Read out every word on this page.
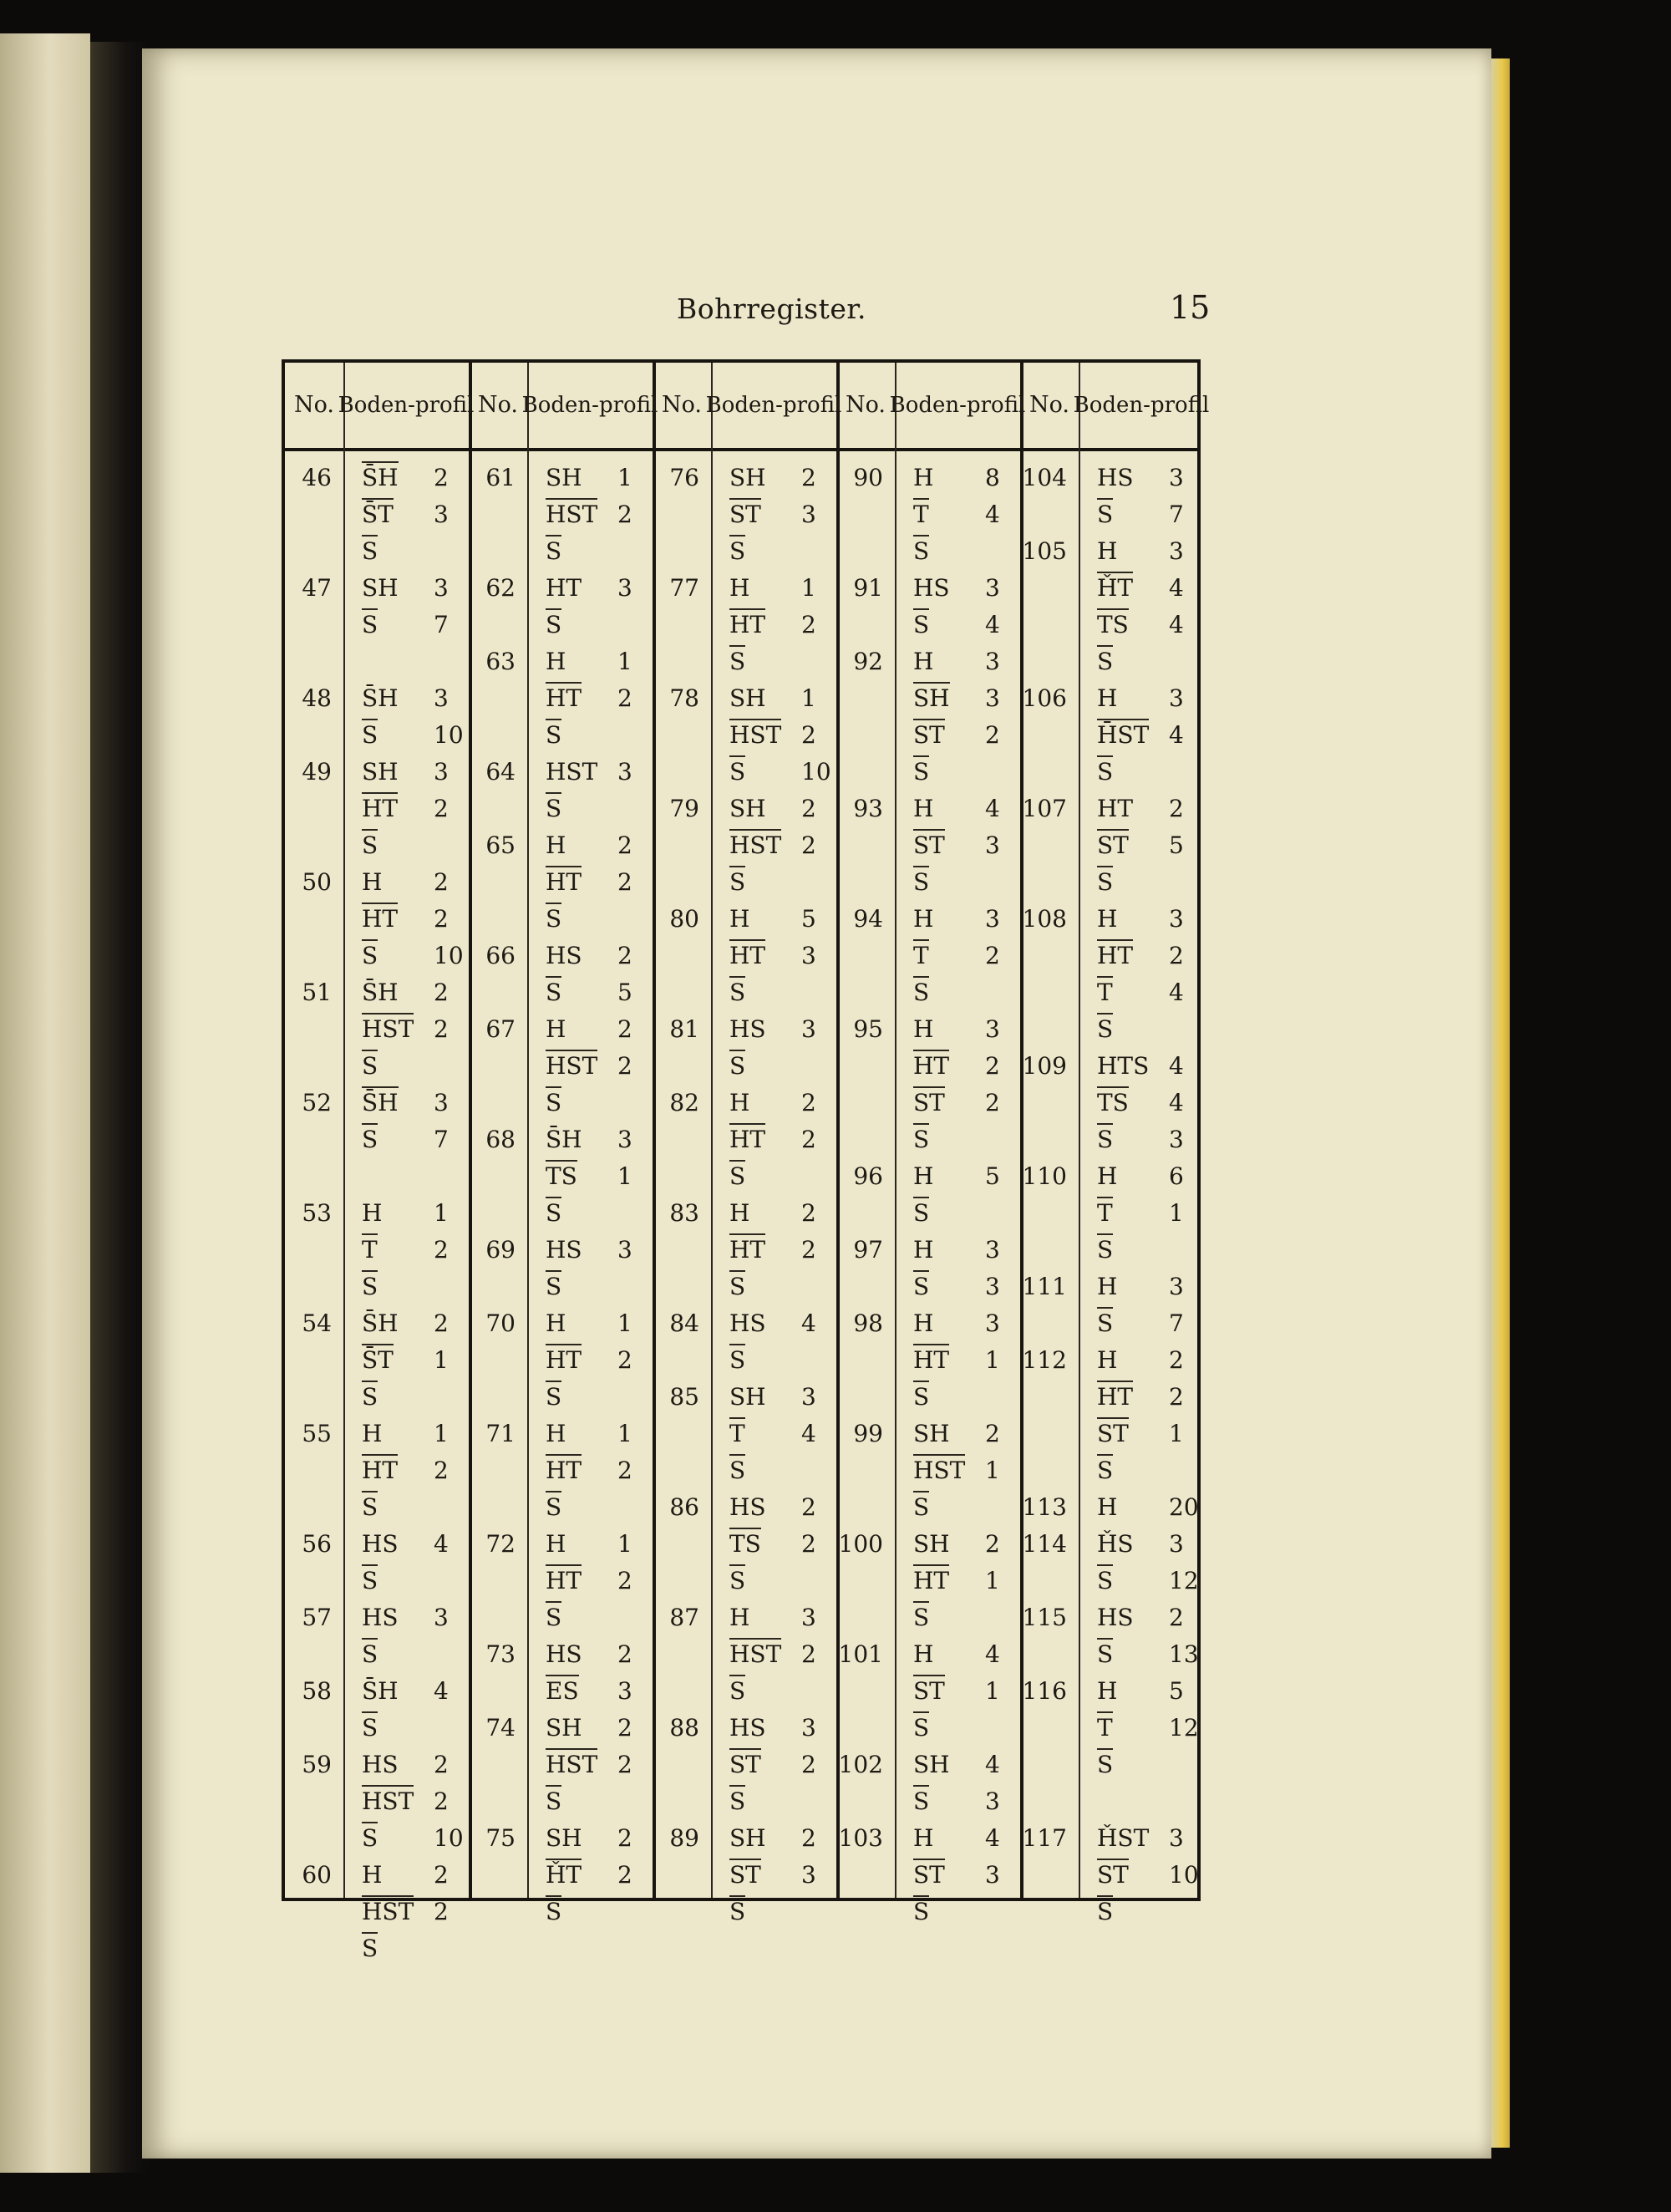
Bohrregister.	15
No. Boden- profil No. Boden- profil No. Boden- profil No. Boden- profil No. Boden- profil
46 S̄H 2
S̄T 3
S
47 SH 3
S 7
48 S̄H 3
S 10
49 SH 3
HT 2
S
50 H 2
HT 2
S 10
51 S̄H 2
HST 2
S
52 S̄H 3
S 7
53 H 1
T 2
S
54 S̄H 2
S̄T 1
S
55 H 1
HT 2
S
56 HS 4
S
57 HS 3
S
58 S̄H 4
S
59 HS 2
HST 2
S 10
60 H 2
HST 2
S
61 SH 1
HST 2
S
62 HT 3
S
63 H 1
HT 2
S
64 HST 3
S
65 H 2
HT 2
S
66 HS 2
S 5
67 H 2
HST 2
S
68 S̄H 3
TS 1
S
69 HS 3
S
70 H 1
HT 2
S
71 H 1
HT 2
S
72 H 1
HT 2
S
73 HS 2
ES 3
74 SH 2
HST 2
S
75 SH 2
ȞT 2
S
76 SH 2
ST 3
S
77 H 1
HT 2
S
78 SH 1
HST 2
S 10
79 SH 2
HST 2
S
80 H 5
HT 3
S
81 HS 3
S
82 H 2
HT 2
S
83 H 2
HT 2
S
84 HS 4
S
85 SH 3
T 4
S
86 HS 2
TS 2
S
87 H 3
HST 2
S
88 HS 3
ST 2
S
89 SH 2
ST 3
S
90 H 8
T 4
S
91 HS 3
S 4
92 H 3
SH 3
ST 2
S
93 H 4
ST 3
S
94 H 3
T 2
S
95 H 3
HT 2
ST 2
S
96 H 5
S
97 H 3
S 3
98 H 3
HT 1
S
99 SH 2
HST 1
S
100 SH 2
HT 1
S
101 H 4
ST 1
S
102 SH 4
S 3
103 H 4
ST 3
S
104 HS 3
S 7
105 H 3
ȞT 4
TS 4
S
106 H 3
H̄ST 4
S
107 HT 2
ST 5
S
108 H 3
HT 2
T 4
S
109 HTS 4
TS 4
S 3
110 H 6
T 1
S
111 H 3
S 7
112 H 2
HT 2
ST 1
S
113 H 20
114 ȞS 3
S 12
115 HS 2
S 13
116 H 5
T 12
S
117 ȞST 3
ST 10
S
